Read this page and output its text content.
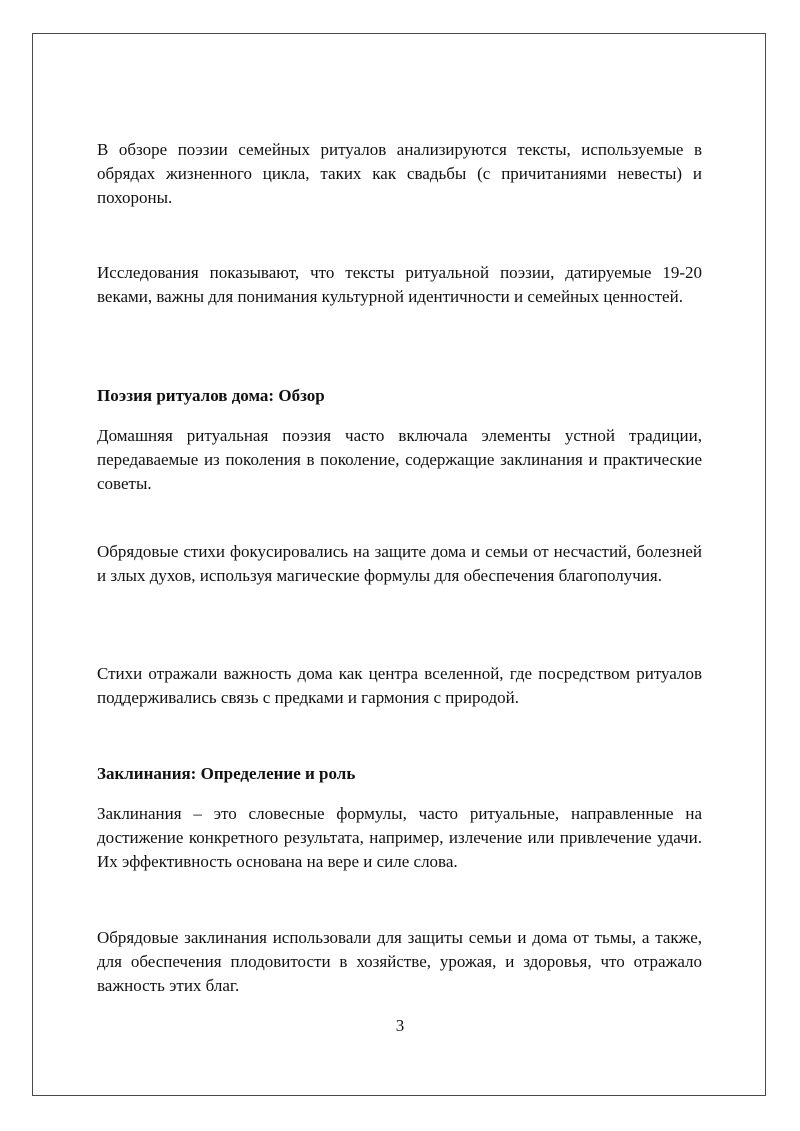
В обзоре поэзии семейных ритуалов анализируются тексты, используемые в обрядах жизненного цикла, таких как свадьбы (с причитаниями невесты) и похороны.

Исследования показывают, что тексты ритуальной поэзии, датируемые 19-20 веками, важны для понимания культурной идентичности и семейных ценностей.

Поэзия ритуалов дома: Обзор

Домашняя ритуальная поэзия часто включала элементы устной традиции, передаваемые из поколения в поколение, содержащие заклинания и практические советы.

Обрядовые стихи фокусировались на защите дома и семьи от несчастий, болезней и злых духов, используя магические формулы для обеспечения благополучия.

Стихи отражали важность дома как центра вселенной, где посредством ритуалов поддерживались связь с предками и гармония с природой.

Заклинания: Определение и роль

Заклинания – это словесные формулы, часто ритуальные, направленные на достижение конкретного результата, например, излечение или привлечение удачи. Их эффективность основана на вере и силе слова.

Обрядовые заклинания использовали для защиты семьи и дома от тьмы, а также, для обеспечения плодовитости в хозяйстве, урожая, и здоровья, что отражало важность этих благ.

3
